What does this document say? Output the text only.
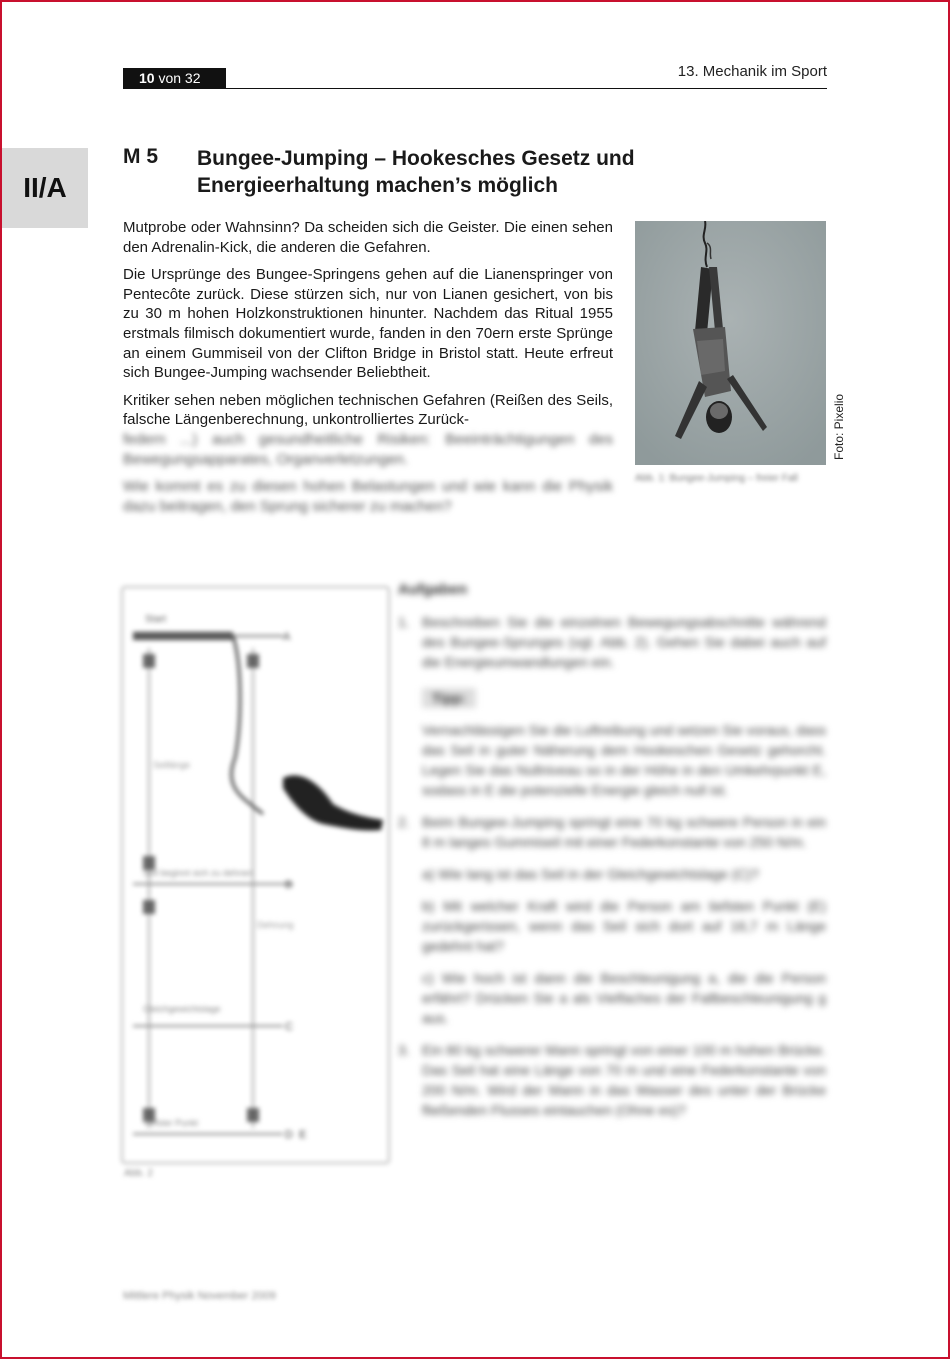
10 von 32	13. Mechanik im Sport
II/A
M 5 Bungee-Jumping – Hookesches Gesetz und
Energieerhaltung machen’s möglich

Mutprobe oder Wahnsinn? Da scheiden sich die Geister. Die einen sehen den Adrenalin-Kick, die anderen die Gefahren.

Die Ursprünge des Bungee-Springens gehen auf die Lianenspringer von Pentecôte zurück. Diese stürzen sich, nur von Lianen gesichert, von bis zu 30 m hohen Holzkonstruktionen hinunter. Nachdem das Ritual 1955 erstmals filmisch dokumentiert wurde, fanden in den 70ern erste Sprünge an einem Gummiseil von der Clifton Bridge in Bristol statt. Heute erfreut sich Bungee-Jumping wachsender Beliebtheit.

Kritiker sehen neben möglichen technischen Gefahren (Reißen des Seils, falsche Längenberechnung, unkontrolliertes Zurück-

federn ...) auch gesundheitliche Risiken: Beeinträchtigungen des Bewegungsapparates, Organverletzungen.

Wie kommt es zu diesen hohen Belastungen und wie kann die Physik dazu beitragen, den Sprung sicherer zu machen?

Foto: Pixelio
Abb. 1: Bungee-Jumping – freier Fall
Start
A
Seillänge
Seil beginnt sich zu dehnen
B
Dehnung
Gleichgewichtslage
C
Tiefster Punkt
D E
Abb. 2
Aufgaben
1. Beschreiben Sie die einzelnen Bewegungsabschnitte während des Bungee-Sprunges (vgl. Abb. 2). Gehen Sie dabei auch auf die Energieumwandlungen ein.
Tipp:
Vernachlässigen Sie die Luftreibung und setzen Sie voraus, dass das Seil in guter Näherung dem Hookeschen Gesetz gehorcht. Legen Sie das Nullniveau so in der Höhe in den Umkehrpunkt E, sodass in E die potenzielle Energie gleich null ist.
2. Beim Bungee-Jumping springt eine 70 kg schwere Person in ein 8 m langes Gummiseil mit einer Federkonstante von 250 N/m.
a) Wie lang ist das Seil in der Gleichgewichtslage (C)?
b) Mit welcher Kraft wird die Person am tiefsten Punkt (E) zurückgerissen, wenn das Seil sich dort auf 16,7 m Länge gedehnt hat?
c) Wie hoch ist dann die Beschleunigung a, die die Person erfährt? Drücken Sie a als Vielfaches der Fallbeschleunigung g aus.
3. Ein 80 kg schwerer Mann springt von einer 100 m hohen Brücke. Das Seil hat eine Länge von 70 m und eine Federkonstante von 200 N/m. Wird der Mann in das Wasser des unter der Brücke fließenden Flusses eintauchen (Ohne es)?
Mittlere Physik November 2009
